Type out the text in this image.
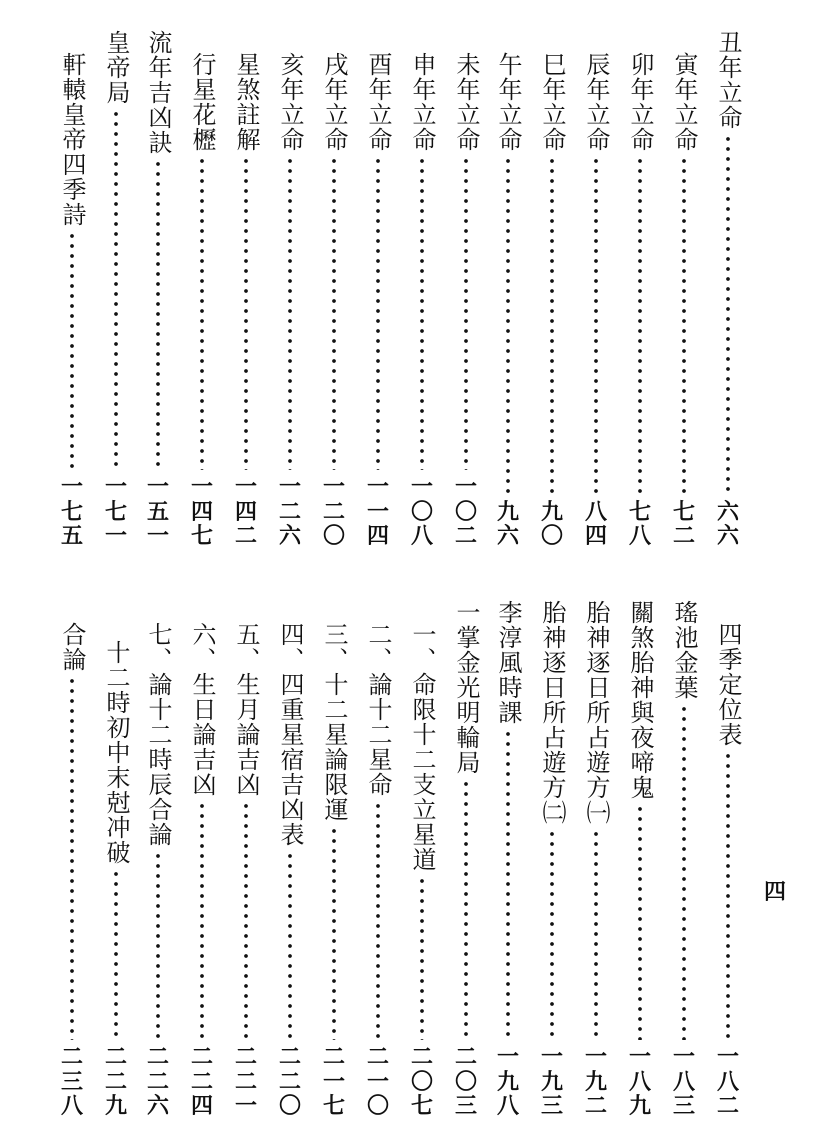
丑年立命
六六
寅年立命
七二
卯年立命
七八
辰年立命
八四
巳年立命
九〇
午年立命
九六
未年立命
一〇二
申年立命
一〇八
酉年立命
一一四
戌年立命
一二〇
亥年立命
一二六
星煞註解
一四二
行星花櫪
一四七
流年吉凶訣
一五一
皇帝局
一七一
軒轅皇帝四季詩
一七五
四季定位表
一八二
瑤池金葉
一八三
關煞胎神與夜啼鬼
一八九
胎神逐日所占遊方㈠
一九二
胎神逐日所占遊方㈡
一九三
李淳風時課
一九八
一掌金光明輪局
二〇三
一、命限十二支立星道
二〇七
二、論十二星命
二一〇
三、十二星論限運
二一七
四、四重星宿吉凶表
二二〇
五、生月論吉凶
二二一
六、生日論吉凶
二二四
七、論十二時辰合論
二二六
十二時初中末尅冲破
二二九
合論
二三八
四
